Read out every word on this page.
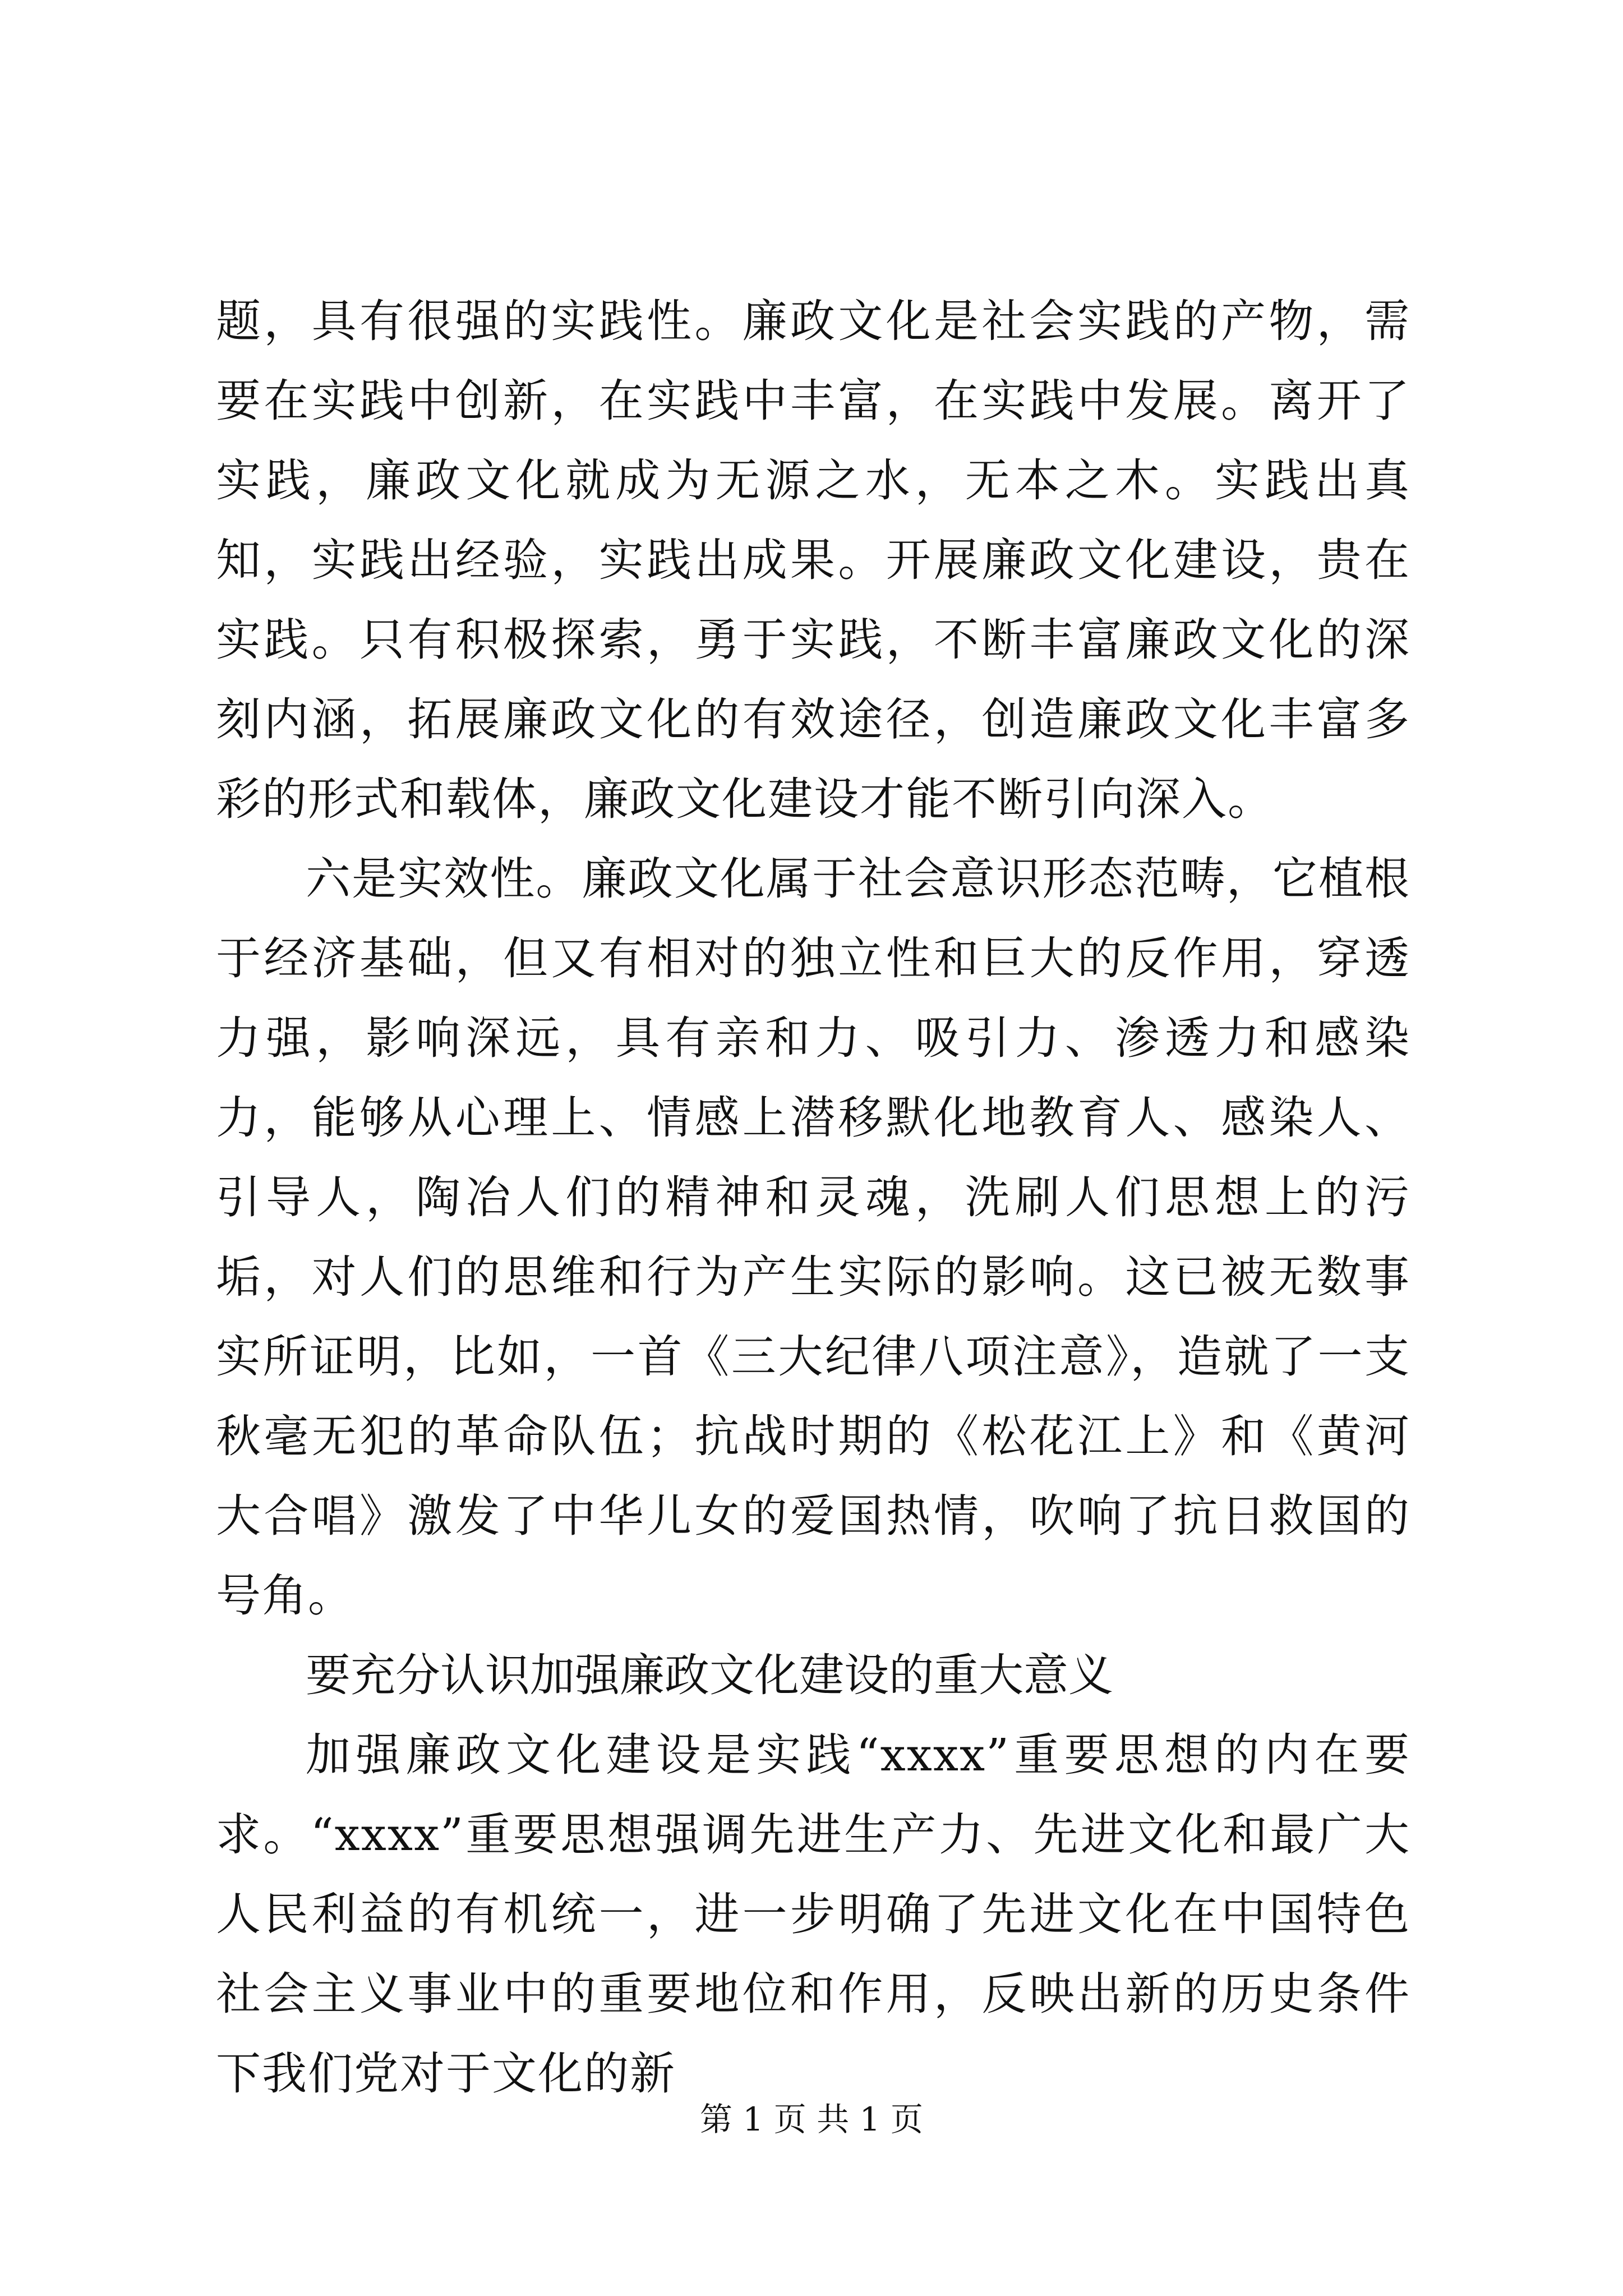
题，具有很强的实践性。廉政文化是社会实践的产物，需要在实践中创新，在实践中丰富，在实践中发展。离开了实践，廉政文化就成为无源之水，无本之木。实践出真知，实践出经验，实践出成果。开展廉政文化建设，贵在实践。只有积极探索，勇于实践，不断丰富廉政文化的深刻内涵，拓展廉政文化的有效途径，创造廉政文化丰富多彩的形式和载体，廉政文化建设才能不断引向深入。

六是实效性。廉政文化属于社会意识形态范畴，它植根于经济基础，但又有相对的独立性和巨大的反作用，穿透力强，影响深远，具有亲和力、吸引力、渗透力和感染力，能够从心理上、情感上潜移默化地教育人、感染人、引导人，陶冶人们的精神和灵魂，洗刷人们思想上的污垢，对人们的思维和行为产生实际的影响。这已被无数事实所证明，比如，一首《三大纪律八项注意》，造就了一支秋毫无犯的革命队伍；抗战时期的《松花江上》和《黄河大合唱》激发了中华儿女的爱国热情，吹响了抗日救国的号角。

要充分认识加强廉政文化建设的重大意义

加强廉政文化建设是实践“xxxx”重要思想的内在要求。“xxxx”重要思想强调先进生产力、先进文化和最广大人民利益的有机统一，进一步明确了先进文化在中国特色社会主义事业中的重要地位和作用，反映出新的历史条件下我们党对于文化的新

第 1 页 共 1 页
